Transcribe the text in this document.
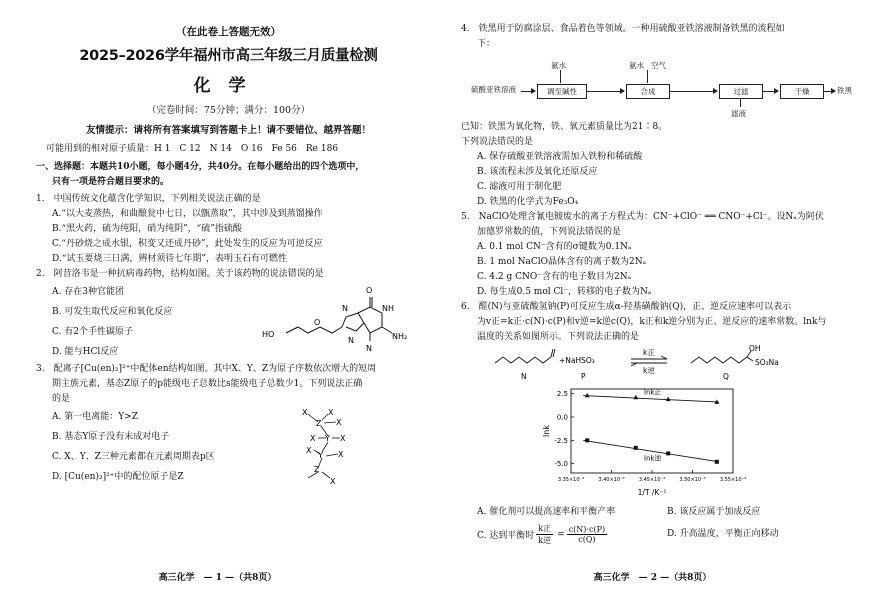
（在此卷上答题无效）
2025–2026学年福州市高三年级三月质量检测
化学
（完卷时间：75分钟；满分：100分）
友情提示：请将所有答案填写到答题卡上！请不要错位、越界答题！
可能用到的相对原子质量：H 1　C 12　N 14　O 16　Fe 56　Re 186
一、选择题：本题共10小题，每小题4分，共40分。在每小题给出的四个选项中，
只有一项是符合题目要求的。
1.　中国传统文化蕴含化学知识，下列相关说法正确的是
A.“以大麦蒸热，和曲酿瓮中七日，以甑蒸取”，其中涉及到蒸馏操作
B.“黑火药，硫为纯阳，硝为纯阴”，“硫”指硫酸
C.“丹砂烧之成水银，积变又还成丹砂”，此处发生的反应为可逆反应
D.“试玉要烧三日满，辨材须待七年期”，表明玉石有可燃性
2.　阿昔洛韦是一种抗病毒药物，结构如图。关于该药物的说法错误的是
A. 存在3种官能团
B. 可发生取代反应和氧化反应
C. 有2个手性碳原子
D. 能与HCl反应
HO
O
N
NH
NH₂
O
N
N
3.　配离子[Cu(en)₂]²⁺中配体en结构如图。其中X、Y、Z为原子序数依次增大的短周
期主族元素，基态Z原子的p能级电子总数比s能级电子总数少1。下列说法正确
的是
A. 第一电离能：Y>Z
B. 基态Y原子没有未成对电子
C. X、Y、Z三种元素都在元素周期表p区
D. [Cu(en)₂]²⁺中的配位原子是Z
X
Z X
X
Y
X	X
Y
X	X
Z
X
高三化学　— 1 —（共8页）
4.　铁黑用于防腐涂层、食品着色等领域。一种用硫酸亚铁溶液制备铁黑的流程如
下：
硫酸亚铁溶液	调至碱性	合成	过滤	干燥	铁黑
氨水	氨水 空气
滤液
已知：铁黑为氧化物，铁、氧元素质量比为21∶8。
下列说法错误的是
A. 保存硫酸亚铁溶液需加入铁粉和稀硫酸
B. 该流程未涉及氧化还原反应
C. 滤液可用于制化肥
D. 铁黑的化学式为Fe₃O₄
5.　NaClO处理含氰电镀废水的离子方程式为：CN⁻+ClO⁻ ══ CNO⁻+Cl⁻。设Nₐ为阿伏
加德罗常数的值，下列说法错误的是
A. 0.1 mol CN⁻含有的σ键数为0.1Nₐ
B. 1 mol NaClO晶体含有的离子数为2Nₐ
C. 4.2 g CNO⁻含有的电子数目为2Nₐ
D. 每生成0.5 mol Cl⁻，转移的电子数为Nₐ
6.　醛(N)与亚硫酸氢钠(P)可反应生成α-羟基磺酸钠(Q)，正、逆反应速率可以表示
为v正=k正·c(N)·c(P)和v逆=k逆c(Q)，k正和k逆分别为正、逆反应的速率常数。lnk与
温度的关系如图所示。下列说法正确的是
+NaHSO₃
k正
k逆
OH
SO₃Na
N	P	Q
2.5
0.0
-2.5
-5.0
3.35×10⁻³	3.40×10⁻³	3.45×10⁻³	3.50×10⁻³	3.55×10⁻³
lnk正
lnk逆
lnk
1/T /K⁻¹
A. 催化剂可以提高速率和平衡产率	B. 该反应属于加成反应
C. 达到平衡时
k正
k逆
= $\frac{c(N)\cdot c(P)}{c(Q)}$	D. 升高温度，平衡正向移动
高三化学　— 2 —（共8页）
